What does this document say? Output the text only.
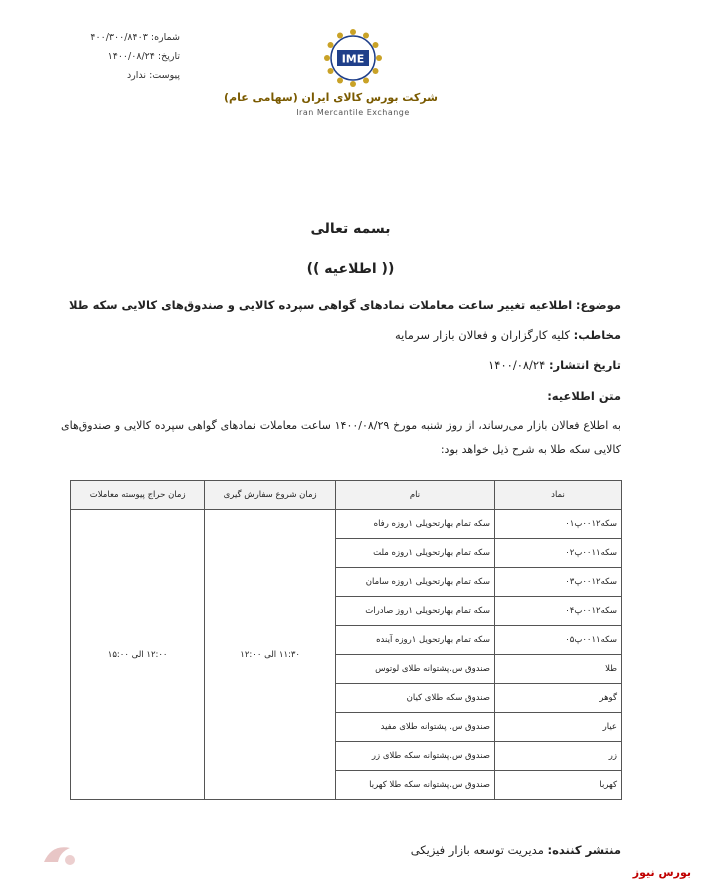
شماره: ۴۰۰/۳۰۰/۸۴۰۳
تاریخ: ۱۴۰۰/۰۸/۲۴
پیوست: ندارد
IME
شرکت بورس کالای ایران (سهامی عام)
Iran Mercantile Exchange
بسمه تعالی
(( اطلاعیه ))
موضوع: اطلاعیه تغییر ساعت معاملات نمادهای گواهی سپرده کالایی و صندوق‌های کالایی سکه طلا
مخاطب: کلیه کارگزاران و فعالان بازار سرمایه
تاریخ انتشار: ۱۴۰۰/۰۸/۲۴
متن اطلاعیه:
به اطلاع فعالان بازار می‌رساند، از روز شنبه مورخ ۱۴۰۰/۰۸/۲۹ ساعت معاملات نمادهای گواهی سپرده کالایی و صندوق‌های کالایی سکه طلا به شرح ذیل خواهد بود:
نماد	نام	زمان شروع سفارش گیری	زمان حراج پیوسته معاملات
سکه۰۰۱۲پ۰۱	سکه تمام بهارتحویلی ۱روزه رفاه	۱۱:۳۰ الی ۱۲:۰۰	۱۲:۰۰ الی ۱۵:۰۰
سکه۰۰۱۱پ۰۲	سکه تمام بهارتحویلی ۱روزه ملت		
سکه۰۰۱۲پ۰۳	سکه تمام بهارتحویلی ۱روزه سامان		
سکه۰۰۱۲پ۰۴	سکه تمام بهارتحویلی ۱روز صادرات		
سکه۰۰۱۱پ۰۵	سکه تمام بهارتحویل ۱روزه آینده		
طلا	صندوق س.پشتوانه طلای لوتوس		
گوهر	صندوق سکه طلای کیان		
عیار	صندوق س. پشتوانه طلای مفید		
زر	صندوق س.پشتوانه سکه طلای زر		
کهربا	صندوق س.پشتوانه سکه طلا کهربا		
منتشر کننده: مدیریت توسعه بازار فیزیکی
بورس نیوز
